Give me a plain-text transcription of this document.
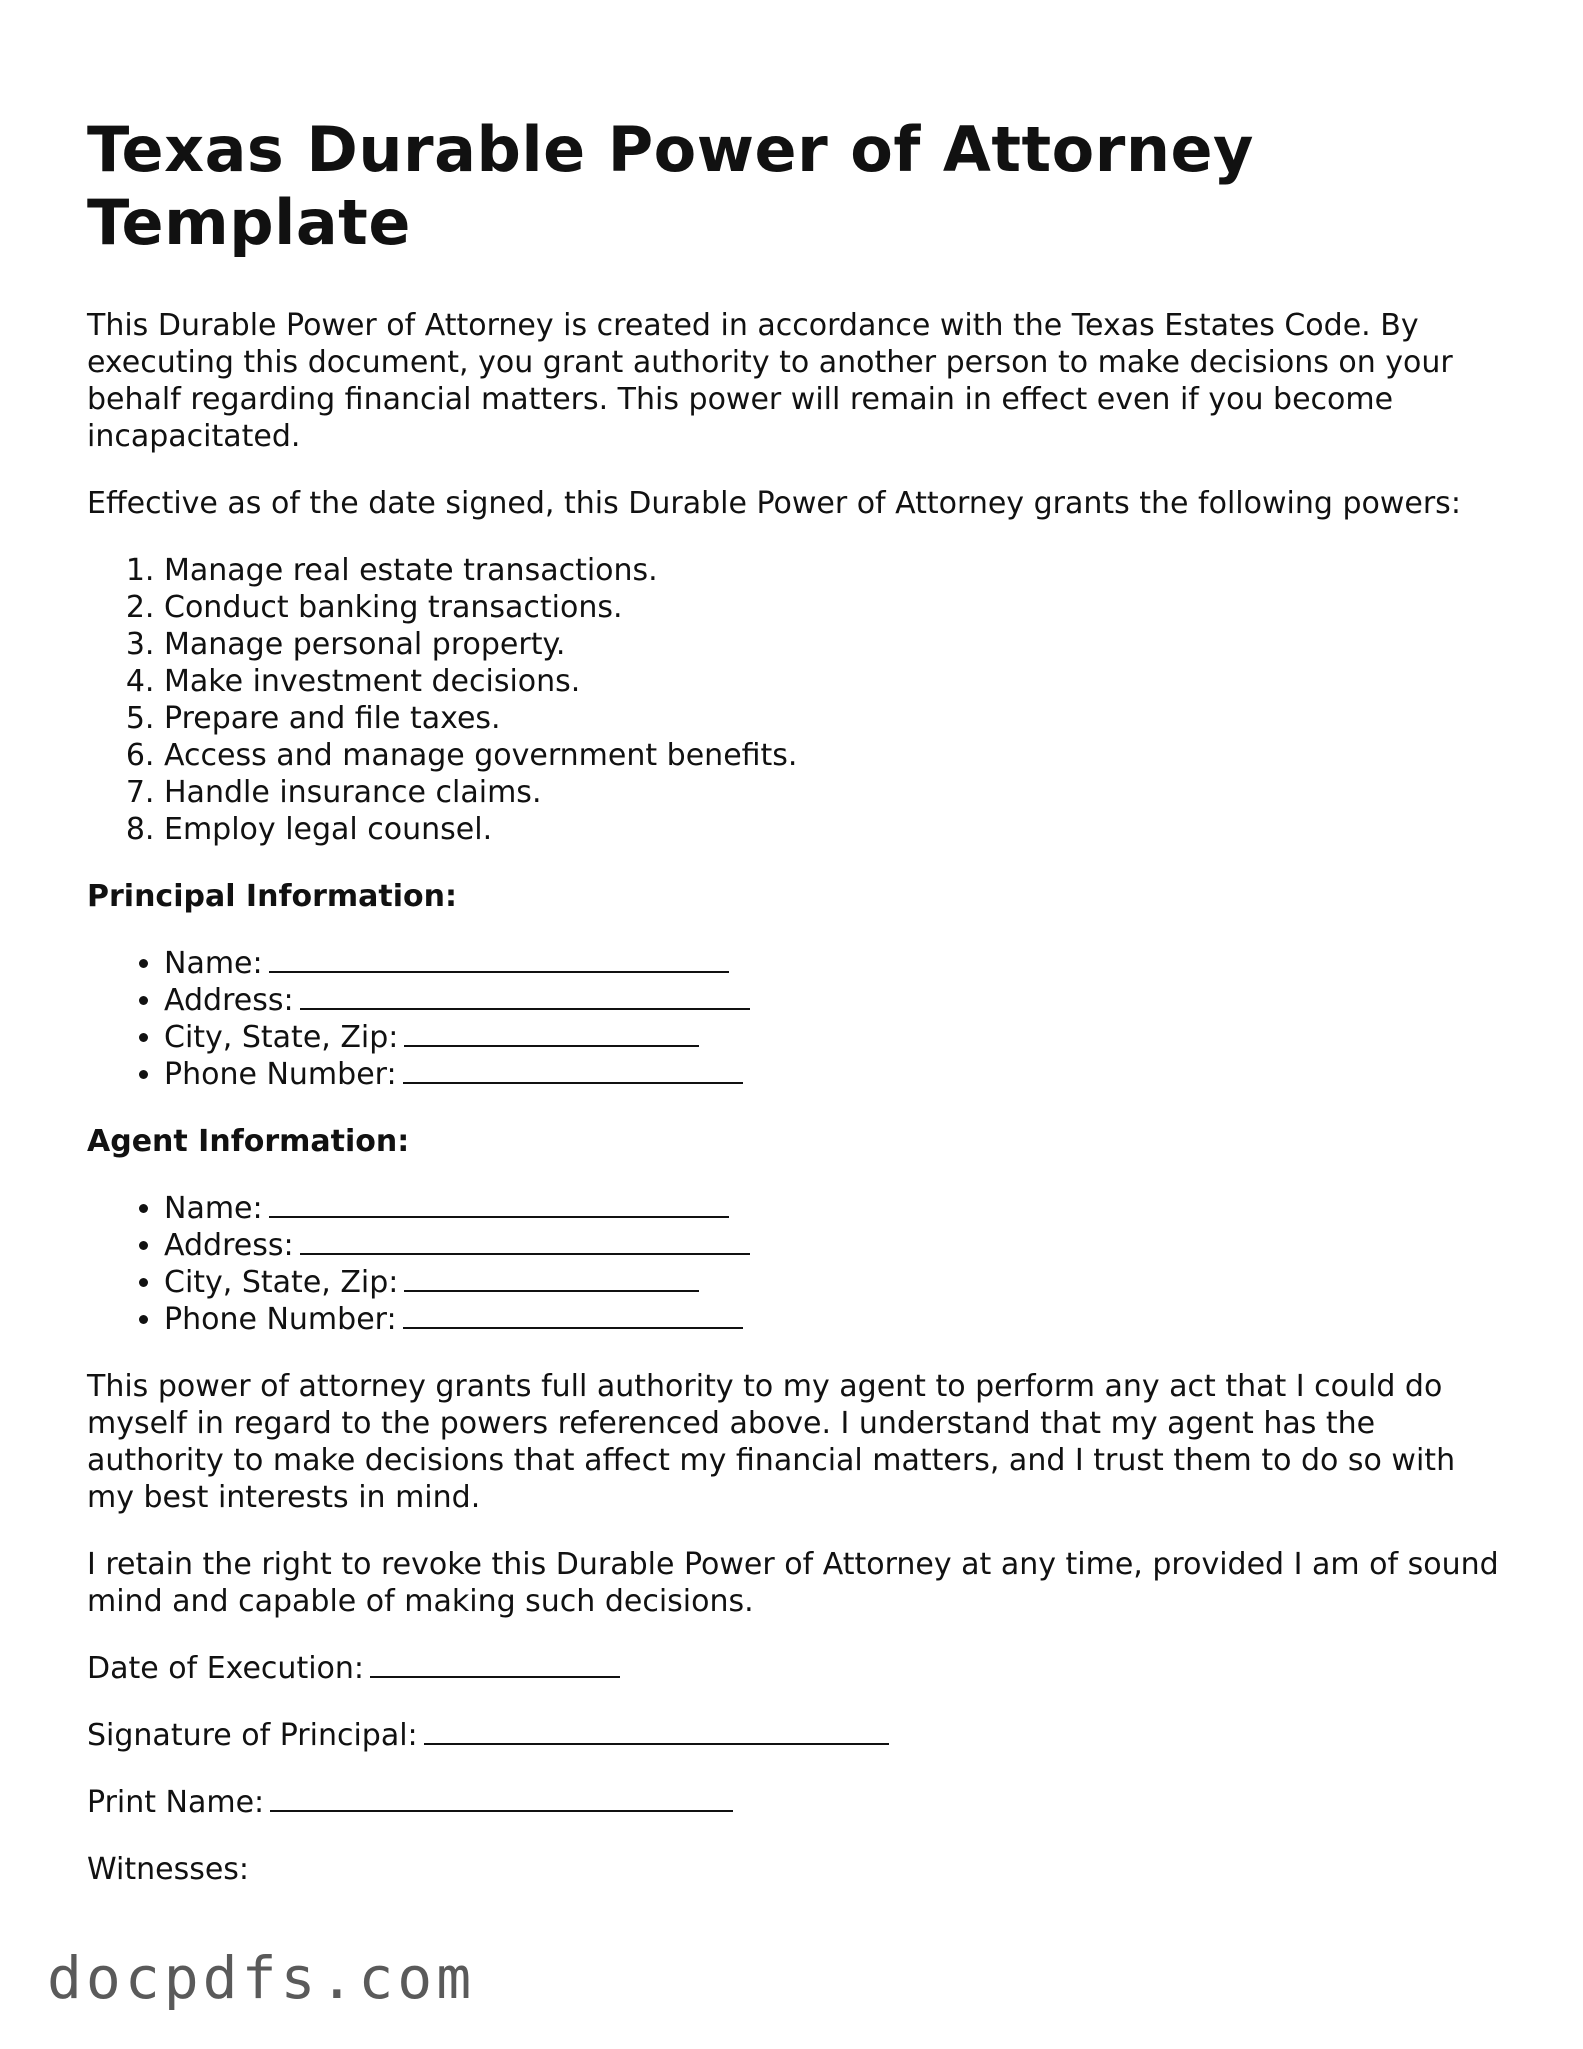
Texas Durable Power of Attorney Template

This Durable Power of Attorney is created in accordance with the Texas Estates Code. By executing this document, you grant authority to another person to make decisions on your behalf regarding financial matters. This power will remain in effect even if you become incapacitated.

Effective as of the date signed, this Durable Power of Attorney grants the following powers:

1. Manage real estate transactions.
2. Conduct banking transactions.
3. Manage personal property.
4. Make investment decisions.
5. Prepare and file taxes.
6. Access and manage government benefits.
7. Handle insurance claims.
8. Employ legal counsel.
Principal Information:
• Name:
• Address:
• City, State, Zip:
• Phone Number:
Agent Information:
• Name:
• Address:
• City, State, Zip:
• Phone Number:

This power of attorney grants full authority to my agent to perform any act that I could do myself in regard to the powers referenced above. I understand that my agent has the authority to make decisions that affect my financial matters, and I trust them to do so with my best interests in mind.

I retain the right to revoke this Durable Power of Attorney at any time, provided I am of sound mind and capable of making such decisions.

Date of Execution:

Signature of Principal:

Print Name:

Witnesses:

docpdfs.com
